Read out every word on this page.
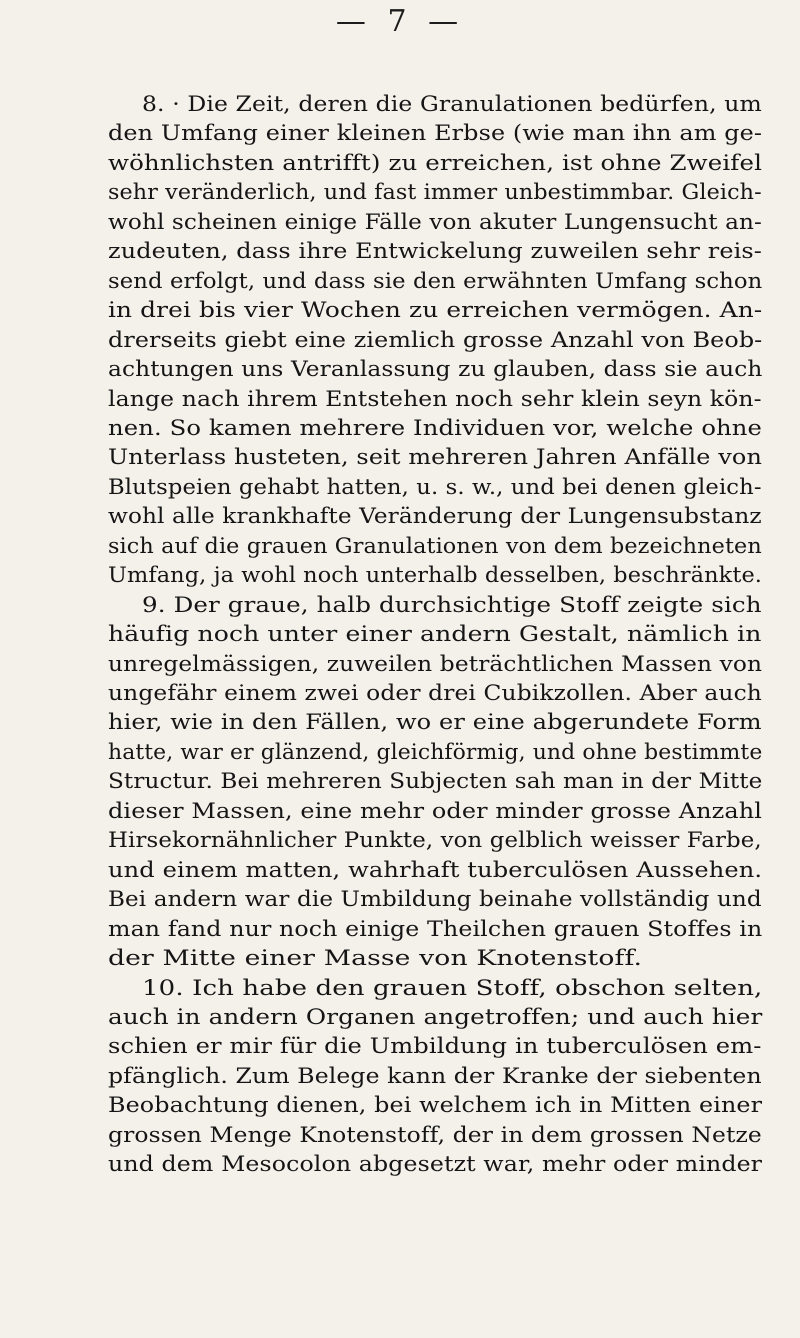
— 7 —
8. · Die Zeit, deren die Granulationen bedürfen, um
den Umfang einer kleinen Erbse (wie man ihn am ge-
wöhnlichsten antrifft) zu erreichen, ist ohne Zweifel
sehr veränderlich, und fast immer unbestimmbar. Gleich-
wohl scheinen einige Fälle von akuter Lungensucht an-
zudeuten, dass ihre Entwickelung zuweilen sehr reis-
send erfolgt, und dass sie den erwähnten Umfang schon
in drei bis vier Wochen zu erreichen vermögen. An-
drerseits giebt eine ziemlich grosse Anzahl von Beob-
achtungen uns Veranlassung zu glauben, dass sie auch
lange nach ihrem Entstehen noch sehr klein seyn kön-
nen. So kamen mehrere Individuen vor, welche ohne
Unterlass husteten, seit mehreren Jahren Anfälle von
Blutspeien gehabt hatten, u. s. w., und bei denen gleich-
wohl alle krankhafte Veränderung der Lungensubstanz
sich auf die grauen Granulationen von dem bezeichneten
Umfang, ja wohl noch unterhalb desselben, beschränkte.
9. Der graue, halb durchsichtige Stoff zeigte sich
häufig noch unter einer andern Gestalt, nämlich in
unregelmässigen, zuweilen beträchtlichen Massen von
ungefähr einem zwei oder drei Cubikzollen. Aber auch
hier, wie in den Fällen, wo er eine abgerundete Form
hatte, war er glänzend, gleichförmig, und ohne bestimmte
Structur. Bei mehreren Subjecten sah man in der Mitte
dieser Massen, eine mehr oder minder grosse Anzahl
Hirsekornähnlicher Punkte, von gelblich weisser Farbe,
und einem matten, wahrhaft tuberculösen Aussehen.
Bei andern war die Umbildung beinahe vollständig und
man fand nur noch einige Theilchen grauen Stoffes in
der Mitte einer Masse von Knotenstoff.
10. Ich habe den grauen Stoff, obschon selten,
auch in andern Organen angetroffen; und auch hier
schien er mir für die Umbildung in tuberculösen em-
pfänglich. Zum Belege kann der Kranke der siebenten
Beobachtung dienen, bei welchem ich in Mitten einer
grossen Menge Knotenstoff, der in dem grossen Netze
und dem Mesocolon abgesetzt war, mehr oder minder
